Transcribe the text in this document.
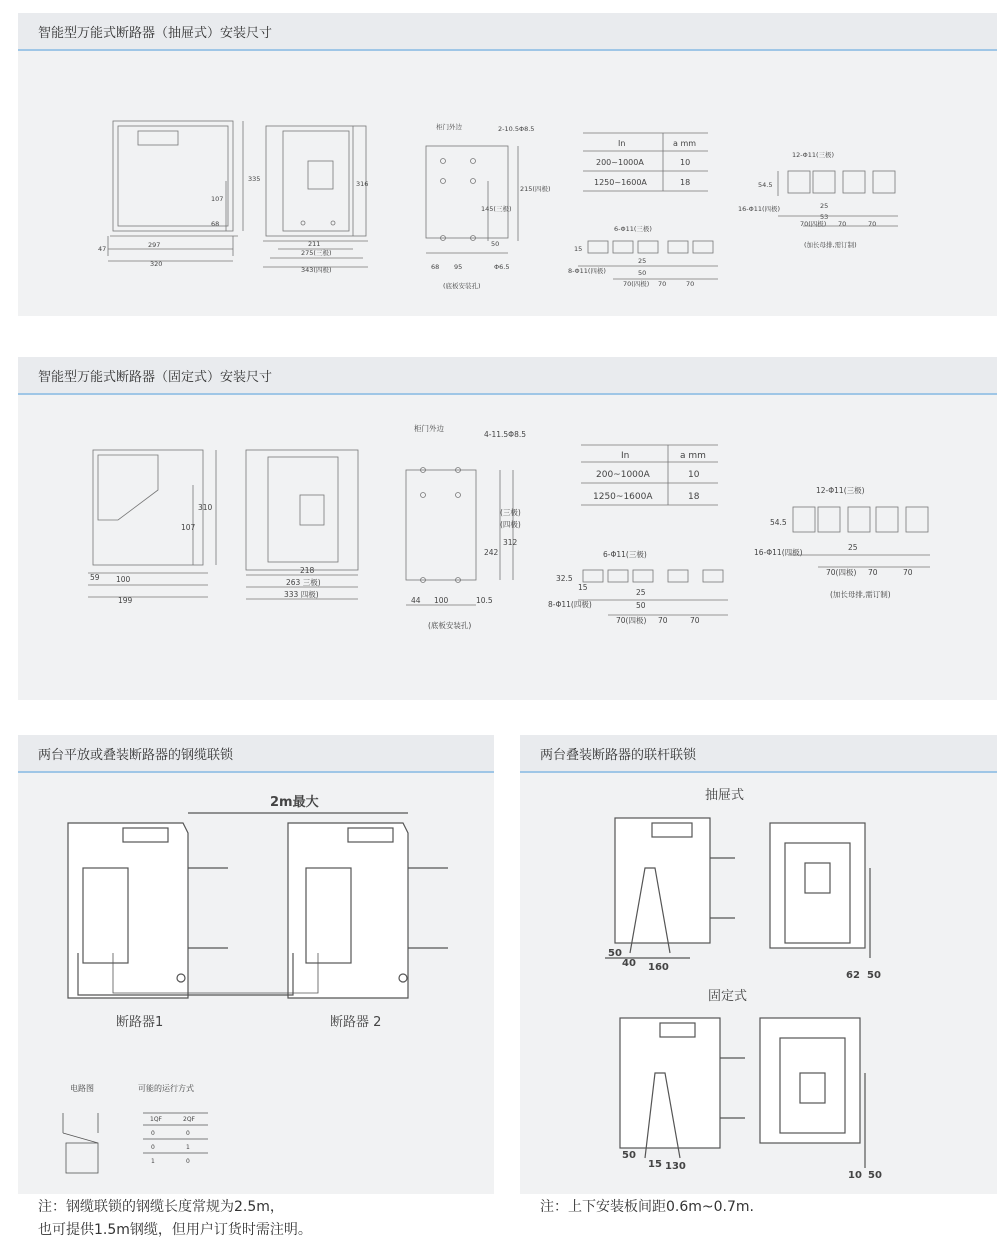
智能型万能式断路器（抽屉式）安装尺寸
47	297
320
335
107
68
316
211
275(三极)
343(四极)
柜门外边	2-10.5Φ8.5
145(三极)
215(四极)
50
68 95	Φ6.5
(底板安装孔)
In	a mm
200~1000A	10
1250~1600A	18
6-Φ11(三极)
8-Φ11(四极)
15
25
50
70(四极) 70	70
12-Φ11(三极)
16-Φ11(四极)
54.5
25
53
70(四极) 70	70
(加长母排,需订制)
智能型万能式断路器（固定式）安装尺寸
59 100
199
310
107
218
263 三极)
333 四极)
柜门外边
4-11.5Φ8.5
(三极)
(四极)
242
312
44 100	10.5
(底板安装孔)
In	a mm
200~1000A	10
1250~1600A	18
6-Φ11(三极)
8-Φ11(四极)
32.5
15
25
50
70(四极) 70	70
12-Φ11(三极)
16-Φ11(四极)
54.5
25
70(四极) 70	70
(加长母排,需订制)
两台平放或叠装断路器的钢缆联锁
2m最大
断路器1	断路器 2
电路图	可能的运行方式
1QF	2QF
0	0
0	1
1	0
注：钢缆联锁的钢缆长度常规为2.5m，
也可提供1.5m钢缆，但用户订货时需注明。
两台叠装断路器的联杆联锁
抽屉式
固定式
50
40 160
62 50
50
15 130
10 50
注：上下安装板间距0.6m~0.7m.
